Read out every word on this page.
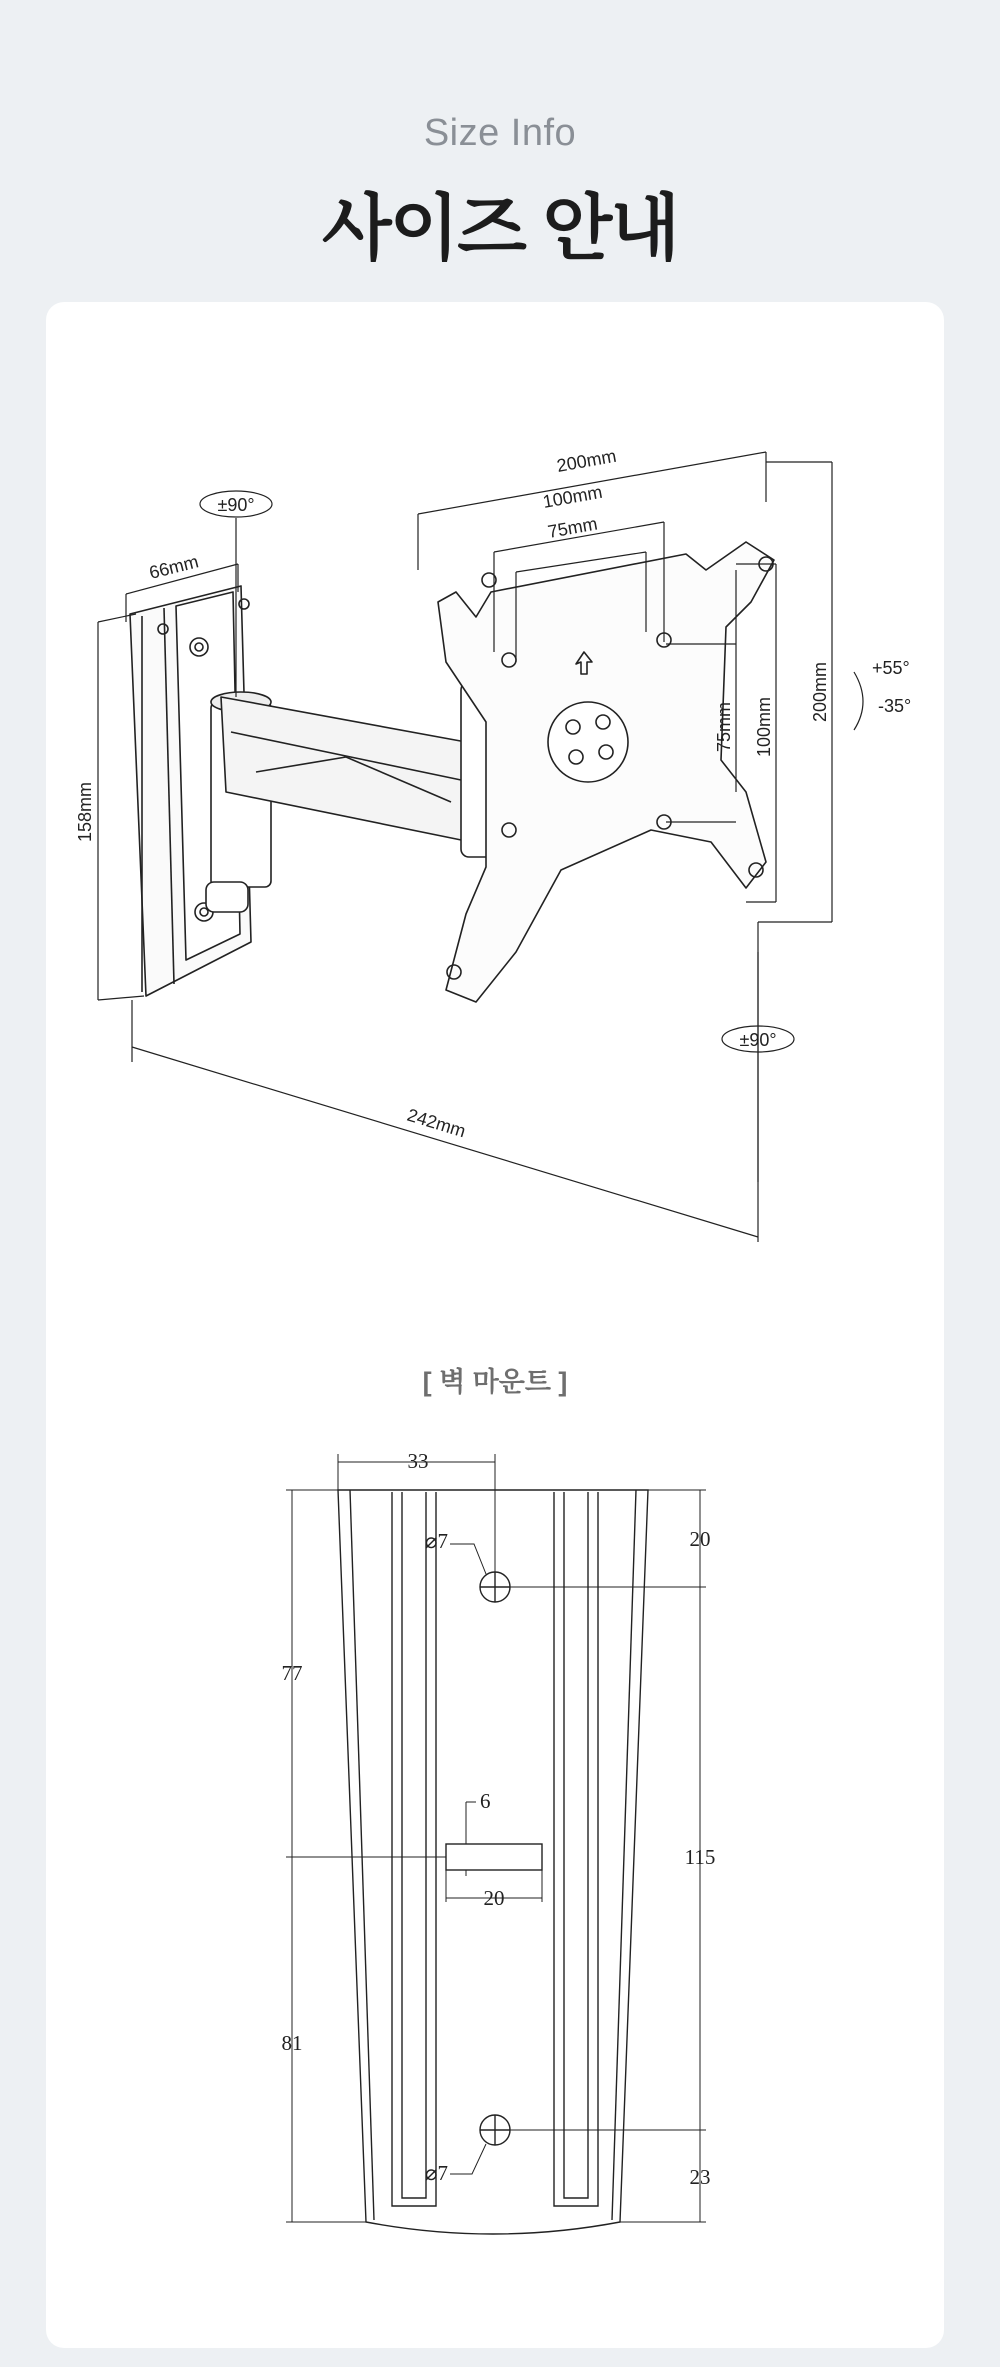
Size Info
사이즈 안내
200mm
100mm
75mm
75mm 100mm
200mm
66mm
158mm
242mm
+55°
-35°
±90°
±90°
[ 벽 마운트 ]
33
⌀7
⌀7
20
77
81
6
20
115
23
